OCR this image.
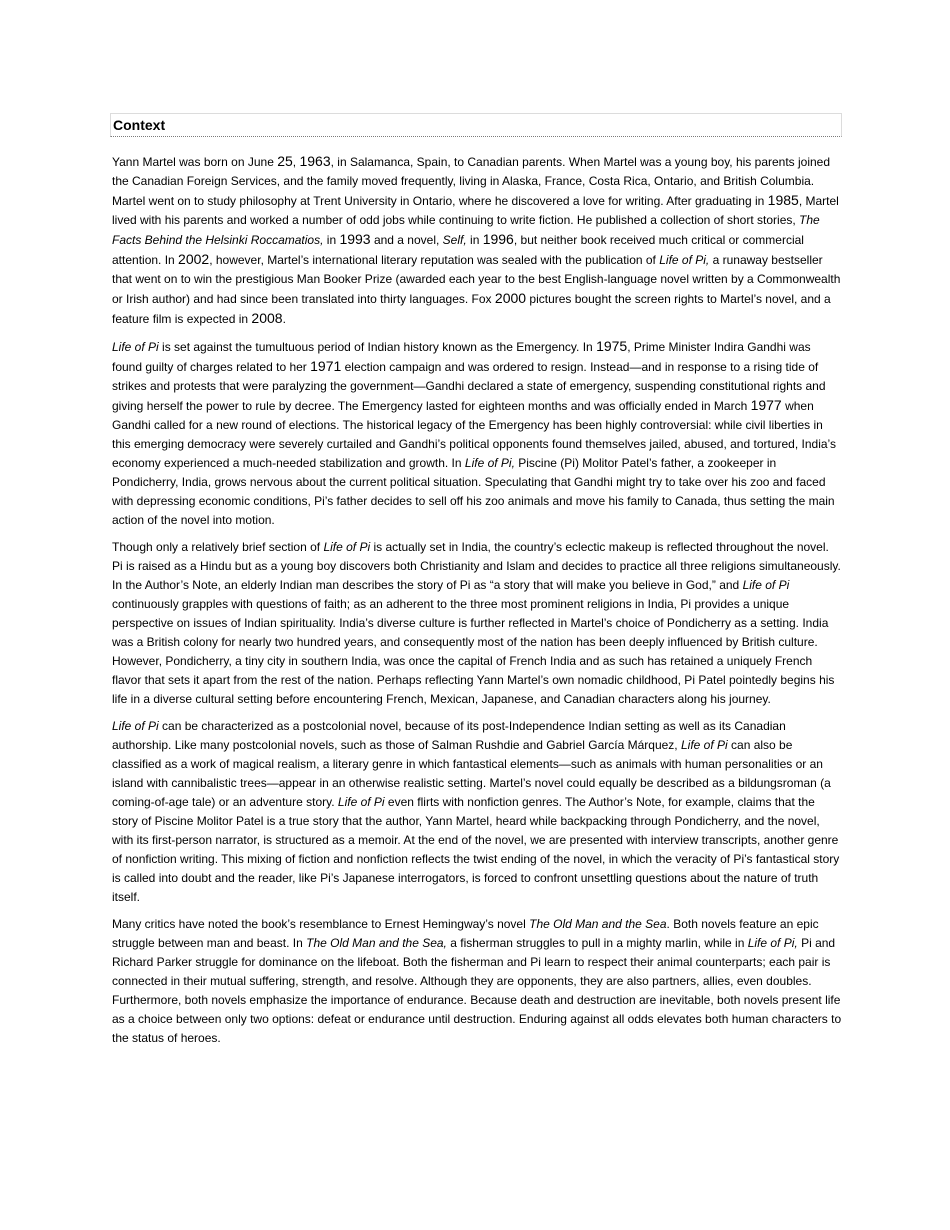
Context

Yann Martel was born on June 25, 1963, in Salamanca, Spain, to Canadian parents. When Martel was a young boy, his parents joined the Canadian Foreign Services, and the family moved frequently, living in Alaska, France, Costa Rica, Ontario, and British Columbia. Martel went on to study philosophy at Trent University in Ontario, where he discovered a love for writing. After graduating in 1985, Martel lived with his parents and worked a number of odd jobs while continuing to write fiction. He published a collection of short stories, The Facts Behind the Helsinki Roccamatios, in 1993 and a novel, Self, in 1996, but neither book received much critical or commercial attention. In 2002, however, Martel’s international literary reputation was sealed with the publication of Life of Pi, a runaway bestseller that went on to win the prestigious Man Booker Prize (awarded each year to the best English-language novel written by a Commonwealth or Irish author) and had since been translated into thirty languages. Fox 2000 pictures bought the screen rights to Martel’s novel, and a feature film is expected in 2008.

Life of Pi is set against the tumultuous period of Indian history known as the Emergency. In 1975, Prime Minister Indira Gandhi was found guilty of charges related to her 1971 election campaign and was ordered to resign. Instead—and in response to a rising tide of strikes and protests that were paralyzing the government—Gandhi declared a state of emergency, suspending constitutional rights and giving herself the power to rule by decree. The Emergency lasted for eighteen months and was officially ended in March 1977 when Gandhi called for a new round of elections. The historical legacy of the Emergency has been highly controversial: while civil liberties in this emerging democracy were severely curtailed and Gandhi’s political opponents found themselves jailed, abused, and tortured, India’s economy experienced a much-needed stabilization and growth. In Life of Pi, Piscine (Pi) Molitor Patel’s father, a zookeeper in Pondicherry, India, grows nervous about the current political situation. Speculating that Gandhi might try to take over his zoo and faced with depressing economic conditions, Pi’s father decides to sell off his zoo animals and move his family to Canada, thus setting the main action of the novel into motion.

Though only a relatively brief section of Life of Pi is actually set in India, the country’s eclectic makeup is reflected throughout the novel. Pi is raised as a Hindu but as a young boy discovers both Christianity and Islam and decides to practice all three religions simultaneously. In the Author’s Note, an elderly Indian man describes the story of Pi as “a story that will make you believe in God,” and Life of Pi continuously grapples with questions of faith; as an adherent to the three most prominent religions in India, Pi provides a unique perspective on issues of Indian spirituality. India’s diverse culture is further reflected in Martel’s choice of Pondicherry as a setting. India was a British colony for nearly two hundred years, and consequently most of the nation has been deeply influenced by British culture. However, Pondicherry, a tiny city in southern India, was once the capital of French India and as such has retained a uniquely French flavor that sets it apart from the rest of the nation. Perhaps reflecting Yann Martel’s own nomadic childhood, Pi Patel pointedly begins his life in a diverse cultural setting before encountering French, Mexican, Japanese, and Canadian characters along his journey.

Life of Pi can be characterized as a postcolonial novel, because of its post-Independence Indian setting as well as its Canadian authorship. Like many postcolonial novels, such as those of Salman Rushdie and Gabriel García Márquez, Life of Pi can also be classified as a work of magical realism, a literary genre in which fantastical elements—such as animals with human personalities or an island with cannibalistic trees—appear in an otherwise realistic setting. Martel’s novel could equally be described as a bildungsroman (a coming-of-age tale) or an adventure story. Life of Pi even flirts with nonfiction genres. The Author’s Note, for example, claims that the story of Piscine Molitor Patel is a true story that the author, Yann Martel, heard while backpacking through Pondicherry, and the novel, with its first-person narrator, is structured as a memoir. At the end of the novel, we are presented with interview transcripts, another genre of nonfiction writing. This mixing of fiction and nonfiction reflects the twist ending of the novel, in which the veracity of Pi’s fantastical story is called into doubt and the reader, like Pi’s Japanese interrogators, is forced to confront unsettling questions about the nature of truth itself.

Many critics have noted the book’s resemblance to Ernest Hemingway’s novel The Old Man and the Sea. Both novels feature an epic struggle between man and beast. In The Old Man and the Sea, a fisherman struggles to pull in a mighty marlin, while in Life of Pi, Pi and Richard Parker struggle for dominance on the lifeboat. Both the fisherman and Pi learn to respect their animal counterparts; each pair is connected in their mutual suffering, strength, and resolve. Although they are opponents, they are also partners, allies, even doubles. Furthermore, both novels emphasize the importance of endurance. Because death and destruction are inevitable, both novels present life as a choice between only two options: defeat or endurance until destruction. Enduring against all odds elevates both human characters to the status of heroes.
